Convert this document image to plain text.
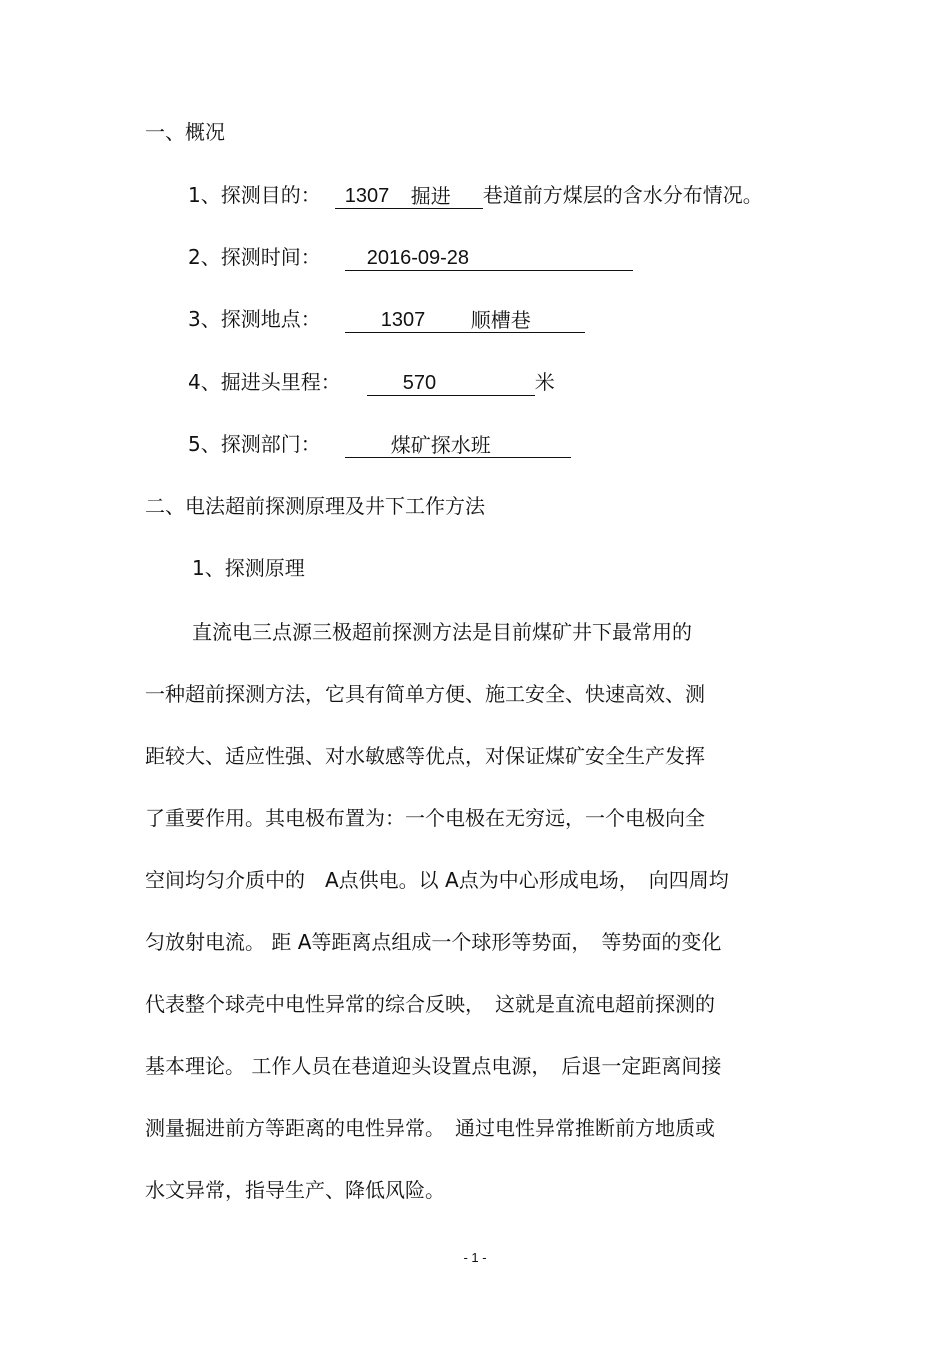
一、概况
1、探测目的： 1307 掘进 巷道前方煤层的含水分布情况。
2、探测时间： 2016-09-28
3、探测地点：	1307 顺槽巷
4、掘进头里程：	570	米
5、探测部门：	煤矿探水班
二、电法超前探测原理及井下工作方法
1、探测原理
直流电三点源三极超前探测方法是目前煤矿井下最常用的
一种超前探测方法，它具有简单方便、施工安全、快速高效、测
距较大、适应性强、对水敏感等优点，对保证煤矿安全生产发挥
了重要作用。其电极布置为：一个电极在无穷远，一个电极向全
空间均匀介质中的　A点供电。以 A点为中心形成电场，　向四周均
匀放射电流。 距 A等距离点组成一个球形等势面，　等势面的变化
代表整个球壳中电性异常的综合反映，　这就是直流电超前探测的
基本理论。 工作人员在巷道迎头设置点电源，　后退一定距离间接
测量掘进前方等距离的电性异常。　通过电性异常推断前方地质或
水文异常，指导生产、降低风险。
- 1 -
